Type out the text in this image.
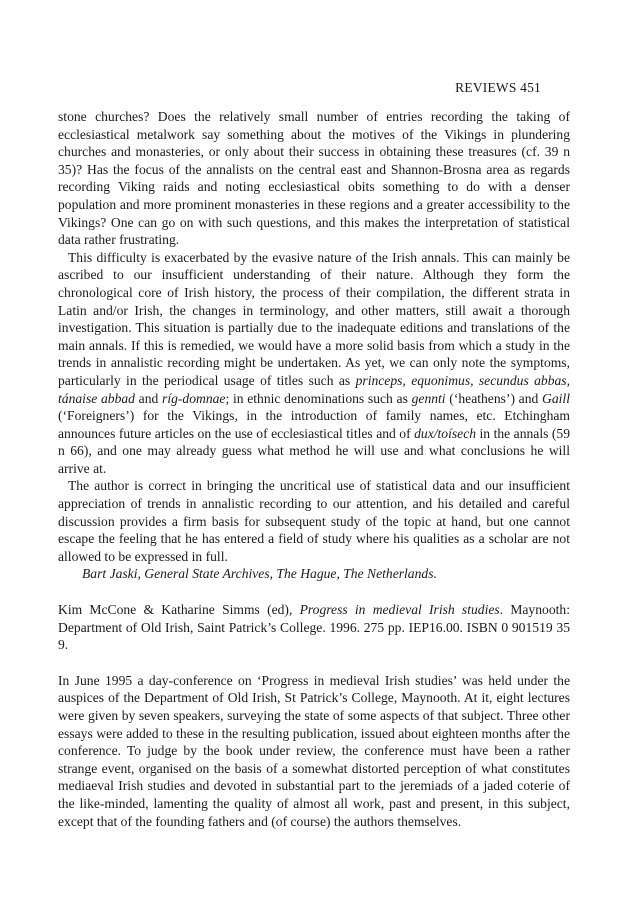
REVIEWS 451

stone churches? Does the relatively small number of entries recording the taking of ecclesiastical metalwork say something about the motives of the Vikings in plundering churches and monasteries, or only about their success in obtaining these treasures (cf. 39 n 35)? Has the focus of the annalists on the central east and Shannon-Brosna area as regards recording Viking raids and noting ecclesiastical obits something to do with a denser population and more prominent monasteries in these regions and a greater accessibility to the Vikings? One can go on with such questions, and this makes the interpretation of statistical data rather frustrating.

This difficulty is exacerbated by the evasive nature of the Irish annals. This can mainly be ascribed to our insufficient understanding of their nature. Although they form the chronological core of Irish history, the process of their compilation, the different strata in Latin and/or Irish, the changes in terminology, and other matters, still await a thorough investigation. This situation is partially due to the inadequate editions and translations of the main annals. If this is remedied, we would have a more solid basis from which a study in the trends in annalistic recording might be undertaken. As yet, we can only note the symptoms, particularly in the periodical usage of titles such as princeps, equonimus, secundus abbas, tánaise abbad and ríg-domnae; in ethnic denominations such as gennti (‘heathens’) and Gaill (‘Foreigners’) for the Vikings, in the introduction of family names, etc. Etchingham announces future articles on the use of ecclesiastical titles and of dux/toísech in the annals (59 n 66), and one may already guess what method he will use and what conclusions he will arrive at.

The author is correct in bringing the uncritical use of statistical data and our insufficient appreciation of trends in annalistic recording to our attention, and his detailed and careful discussion provides a firm basis for subsequent study of the topic at hand, but one cannot escape the feeling that he has entered a field of study where his qualities as a scholar are not allowed to be expressed in full.

Bart Jaski, General State Archives, The Hague, The Netherlands.

Kim McCone & Katharine Simms (ed), Progress in medieval Irish studies. Maynooth: Department of Old Irish, Saint Patrick’s College. 1996. 275 pp. IEP16.00. ISBN 0 901519 35 9.

In June 1995 a day-conference on ‘Progress in medieval Irish studies’ was held under the auspices of the Department of Old Irish, St Patrick’s College, Maynooth. At it, eight lectures were given by seven speakers, surveying the state of some aspects of that subject. Three other essays were added to these in the resulting publication, issued about eighteen months after the conference. To judge by the book under review, the conference must have been a rather strange event, organised on the basis of a somewhat distorted perception of what constitutes mediaeval Irish studies and devoted in substantial part to the jeremiads of a jaded coterie of the like-minded, lamenting the quality of almost all work, past and present, in this subject, except that of the founding fathers and (of course) the authors themselves.
